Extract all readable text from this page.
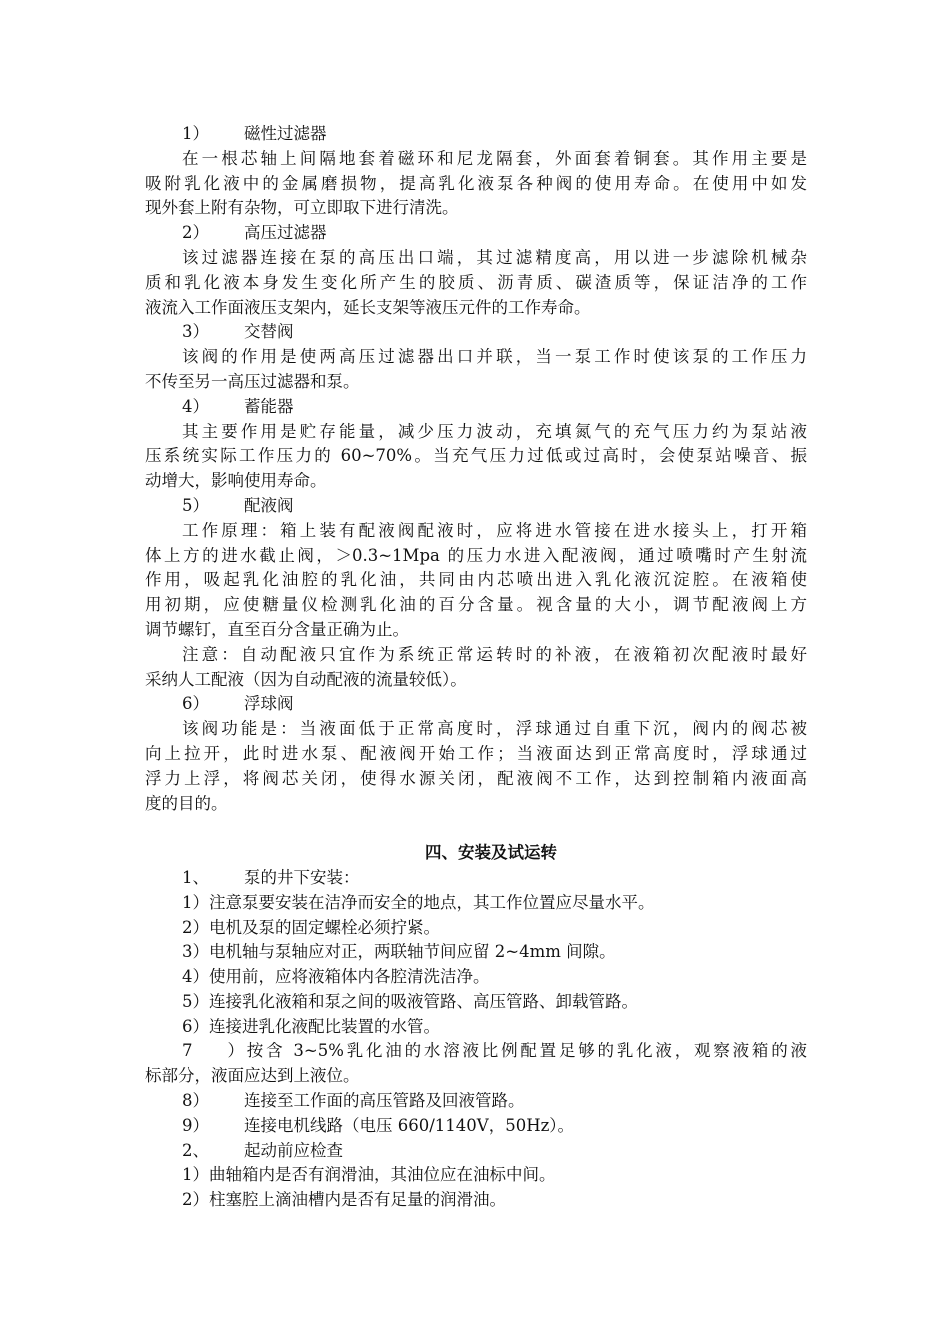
1） 磁性过滤器
在一根芯轴上间隔地套着磁环和尼龙隔套，外面套着铜套。其作用主要是
吸附乳化液中的金属磨损物，提高乳化液泵各种阀的使用寿命。在使用中如发
现外套上附有杂物，可立即取下进行清洗。
2） 高压过滤器
该过滤器连接在泵的高压出口端，其过滤精度高，用以进一步滤除机械杂
质和乳化液本身发生变化所产生的胶质、沥青质、碳渣质等，保证洁净的工作
液流入工作面液压支架内，延长支架等液压元件的工作寿命。
3） 交替阀
该阀的作用是使两高压过滤器出口并联，当一泵工作时使该泵的工作压力
不传至另一高压过滤器和泵。
4） 蓄能器
其主要作用是贮存能量，减少压力波动，充填氮气的充气压力约为泵站液
压系统实际工作压力的 60~70%。当充气压力过低或过高时，会使泵站噪音、振
动增大，影响使用寿命。
5） 配液阀
工作原理：箱上装有配液阀配液时，应将进水管接在进水接头上，打开箱
体上方的进水截止阀，＞0.3~1Mpa 的压力水进入配液阀，通过喷嘴时产生射流
作用，吸起乳化油腔的乳化油，共同由内芯喷出进入乳化液沉淀腔。在液箱使
用初期，应使糖量仪检测乳化油的百分含量。视含量的大小，调节配液阀上方
调节螺钉，直至百分含量正确为止。
注意：自动配液只宜作为系统正常运转时的补液，在液箱初次配液时最好
采纳人工配液（因为自动配液的流量较低）。
6） 浮球阀
该阀功能是：当液面低于正常高度时，浮球通过自重下沉，阀内的阀芯被
向上拉开，此时进水泵、配液阀开始工作；当液面达到正常高度时，浮球通过
浮力上浮，将阀芯关闭，使得水源关闭，配液阀不工作，达到控制箱内液面高
度的目的。
四、安装及试运转
1、 泵的井下安装：
1）注意泵要安装在洁净而安全的地点，其工作位置应尽量水平。
2）电机及泵的固定螺栓必须拧紧。
3）电机轴与泵轴应对正，两联轴节间应留 2~4mm 间隙。
4）使用前，应将液箱体内各腔清洗洁净。
5）连接乳化液箱和泵之间的吸液管路、高压管路、卸载管路。
6）连接进乳化液配比装置的水管。
7）按含 3~5%乳化油的水溶液比例配置足够的乳化液，观察液箱的液
标部分，液面应达到上液位。
8） 连接至工作面的高压管路及回液管路。
9） 连接电机线路（电压 660/1140V，50Hz）。
2、 起动前应检查
1）曲轴箱内是否有润滑油，其油位应在油标中间。
2）柱塞腔上滴油槽内是否有足量的润滑油。
